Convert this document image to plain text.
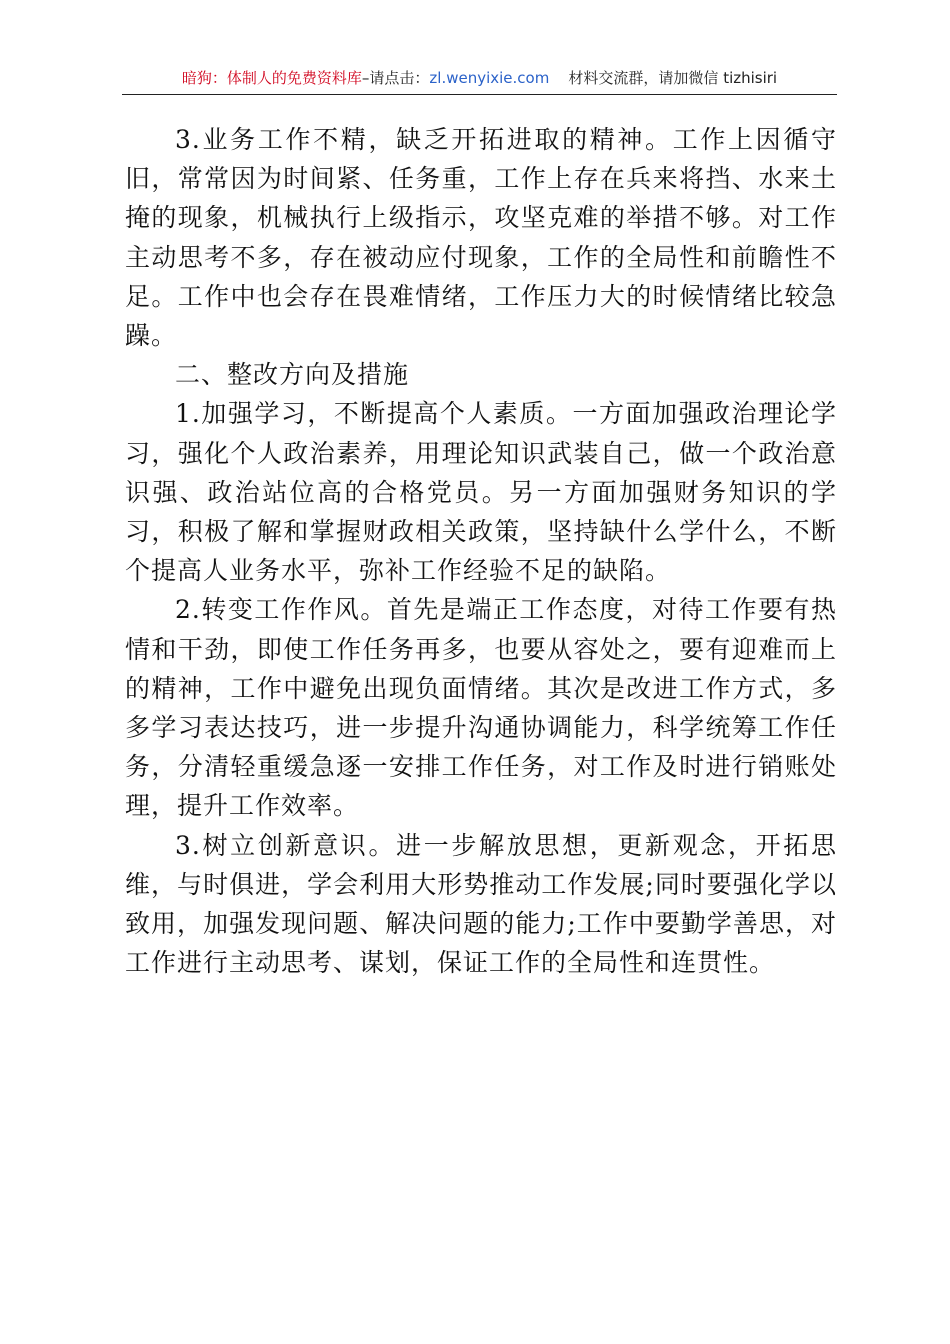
暗狗：体制人的免费资料库–请点击：zl.wenyixie.com 材料交流群，请加微信 tizhisiri

3.业务工作不精，缺乏开拓进取的精神。工作上因循守旧，常常因为时间紧、任务重，工作上存在兵来将挡、水来土掩的现象，机械执行上级指示，攻坚克难的举措不够。对工作主动思考不多，存在被动应付现象，工作的全局性和前瞻性不足。工作中也会存在畏难情绪，工作压力大的时候情绪比较急躁。

二、整改方向及措施

1.加强学习，不断提高个人素质。一方面加强政治理论学习，强化个人政治素养，用理论知识武装自己，做一个政治意识强、政治站位高的合格党员。另一方面加强财务知识的学习，积极了解和掌握财政相关政策，坚持缺什么学什么，不断个提高人业务水平，弥补工作经验不足的缺陷。

2.转变工作作风。首先是端正工作态度，对待工作要有热情和干劲，即使工作任务再多，也要从容处之，要有迎难而上的精神，工作中避免出现负面情绪。其次是改进工作方式，多多学习表达技巧，进一步提升沟通协调能力，科学统筹工作任务，分清轻重缓急逐一安排工作任务，对工作及时进行销账处理，提升工作效率。

3.树立创新意识。进一步解放思想，更新观念，开拓思维，与时俱进，学会利用大形势推动工作发展;同时要强化学以致用，加强发现问题、解决问题的能力;工作中要勤学善思，对工作进行主动思考、谋划，保证工作的全局性和连贯性。
